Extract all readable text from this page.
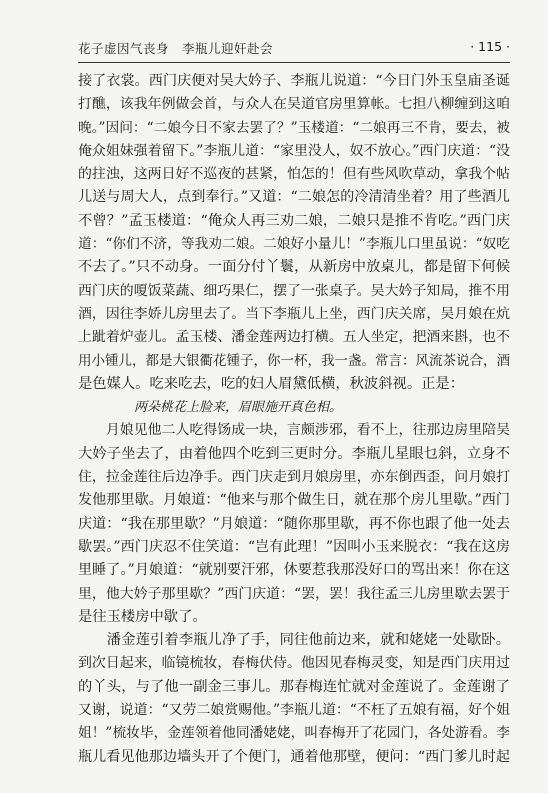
花子虚因气丧身　李瓶儿迎奸赴会	· 115 ·
接了衣裳。西门庆便对吴大妗子、李瓶儿说道：“今日门外玉皇庙圣诞
打醮，该我年例做会首，与众人在吴道官房里算帐。七担八柳缠到这咱
晚。”因问：“二娘今日不家去罢了？”玉楼道：“二娘再三不肯，要去，被
俺众姐妹强着留下。”李瓶儿道：“家里没人，奴不放心。”西门庆道：“没
的拄浊，这两日好不巡夜的甚紧，怕怎的！但有些风吹草动，拿我个帖
儿送与周大人，点到奉行。”又道：“二娘怎的冷清清坐着？用了些酒儿
不曾？”孟玉楼道：“俺众人再三劝二娘，二娘只是推不肯吃。”西门庆
道：“你们不济，等我劝二娘。二娘好小量儿！”李瓶儿口里虽说：“奴吃
不去了。”只不动身。一面分付丫鬟，从新房中放桌儿，都是留下何候
西门庆的嗄饭菜蔬、细巧果仁，摆了一张桌子。吴大妗子知局，推不用
酒，因往李娇儿房里去了。当下李瓶儿上坐，西门庆关席，吴月娘在炕
上跐着炉壶儿。孟玉楼、潘金莲两边打横。五人坐定，把酒来斟，也不
用小锺儿，都是大银衢花锺子，你一杯，我一盏。常言：风流茶说合，酒
是色媒人。吃来吃去，吃的妇人眉黛低横，秋波斜视。正是：
两朵桃花上脸来，眉眼施开真色相。
　　月娘见他二人吃得饧成一块，言颇涉邪，看不上，往那边房里陪吴
大妗子坐去了，由着他四个吃到三更时分。李瓶儿星眼乜斜，立身不
住，拉金莲往后边净手。西门庆走到月娘房里，亦东倒西歪，问月娘打
发他那里歇。月娘道：“他来与那个做生日，就在那个房儿里歇。”西门
庆道：“我在那里歇？”月娘道：“随你那里歇，再不你也跟了他一处去
歇罢。”西门庆忍不住笑道：“岂有此理！”因叫小玉来脱衣：“我在这房
里睡了。”月娘道：“就别要汗邪，休要惹我那没好口的骂出来！你在这
里，他大妗子那里歇？”西门庆道：“罢，罢！我往孟三儿房里歇去罢于
是往玉楼房中歇了。
　　潘金莲引着李瓶儿净了手，同往他前边来，就和姥姥一处歇卧。
到次日起来，临镜梳妆，春梅伏侍。他因见春梅灵变，知是西门庆用过
的丫头，与了他一副金三事儿。那春梅连忙就对金莲说了。金莲谢了
又谢，说道：“又劳二娘赏赐他。”李瓶儿道：“不枉了五娘有福，好个姐
姐！”梳妆毕，金莲领着他同潘姥姥，叫春梅开了花园门，各处游看。李
瓶儿看见他那边墙头开了个便门，通着他那壁，便问：“西门爹儿时起
